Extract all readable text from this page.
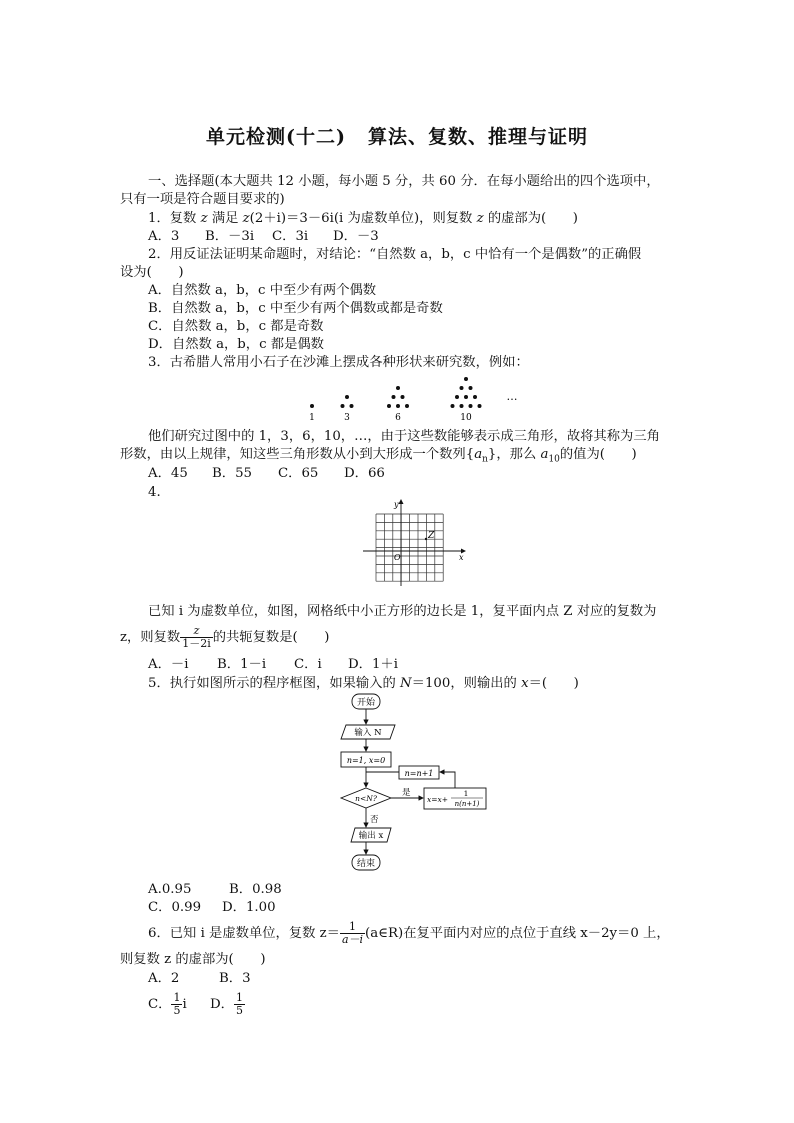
单元检测(十二) 算法、复数、推理与证明
一、选择题(本大题共 12 小题，每小题 5 分，共 60 分．在每小题给出的四个选项中，
只有一项是符合题目要求的)
1．复数 z 满足 z(2＋i)＝3－6i(i 为虚数单位)，则复数 z 的虚部为(　　)
A．3 B．－3i C．3i D．－3
2．用反证法证明某命题时，对结论：“自然数 a，b，c 中恰有一个是偶数”的正确假
设为(　　)
A．自然数 a，b，c 中至少有两个偶数
B．自然数 a，b，c 中至少有两个偶数或都是奇数
C．自然数 a，b，c 都是奇数
D．自然数 a，b，c 都是偶数
3．古希腊人常用小石子在沙滩上摆成各种形状来研究数，例如：
1	3	6	10
…
他们研究过图中的 1，3，6，10，…，由于这些数能够表示成三角形，故将其称为三角
形数，由以上规律，知这些三角形数从小到大形成一个数列$\{a_n\}$，那么 $a_{10}$的值为(　　)
A．45 B．55 C．65 D．66
4.
x
y
O
Z
已知 i 为虚数单位，如图，网格纸中小正方形的边长是 1，复平面内点 Z 对应的复数为
z，则复数 $\frac{z}{1-2i}$ 的共轭复数是(　　)
A．－i B．1－i C．i D．1＋i
5．执行如图所示的程序框图，如果输入的 N＝100，则输出的 x＝(　　)
开始
输入 N
n=1, x=0
n=n+1
n<N?
是
否
x=x+
1
n(n+1)
输出 x
结束
A.0.95	B．0.98
C．0.99 D．1.00
6．已知 i 是虚数单位，复数 $z= \frac{1}{a-i}$ (a∈R)在复平面内对应的点位于直线 x－2y＝0 上，
则复数 z 的虚部为(　　)
A．2	B．3
C． $\frac{1}{5}$ i D． $\frac{1}{5}$
